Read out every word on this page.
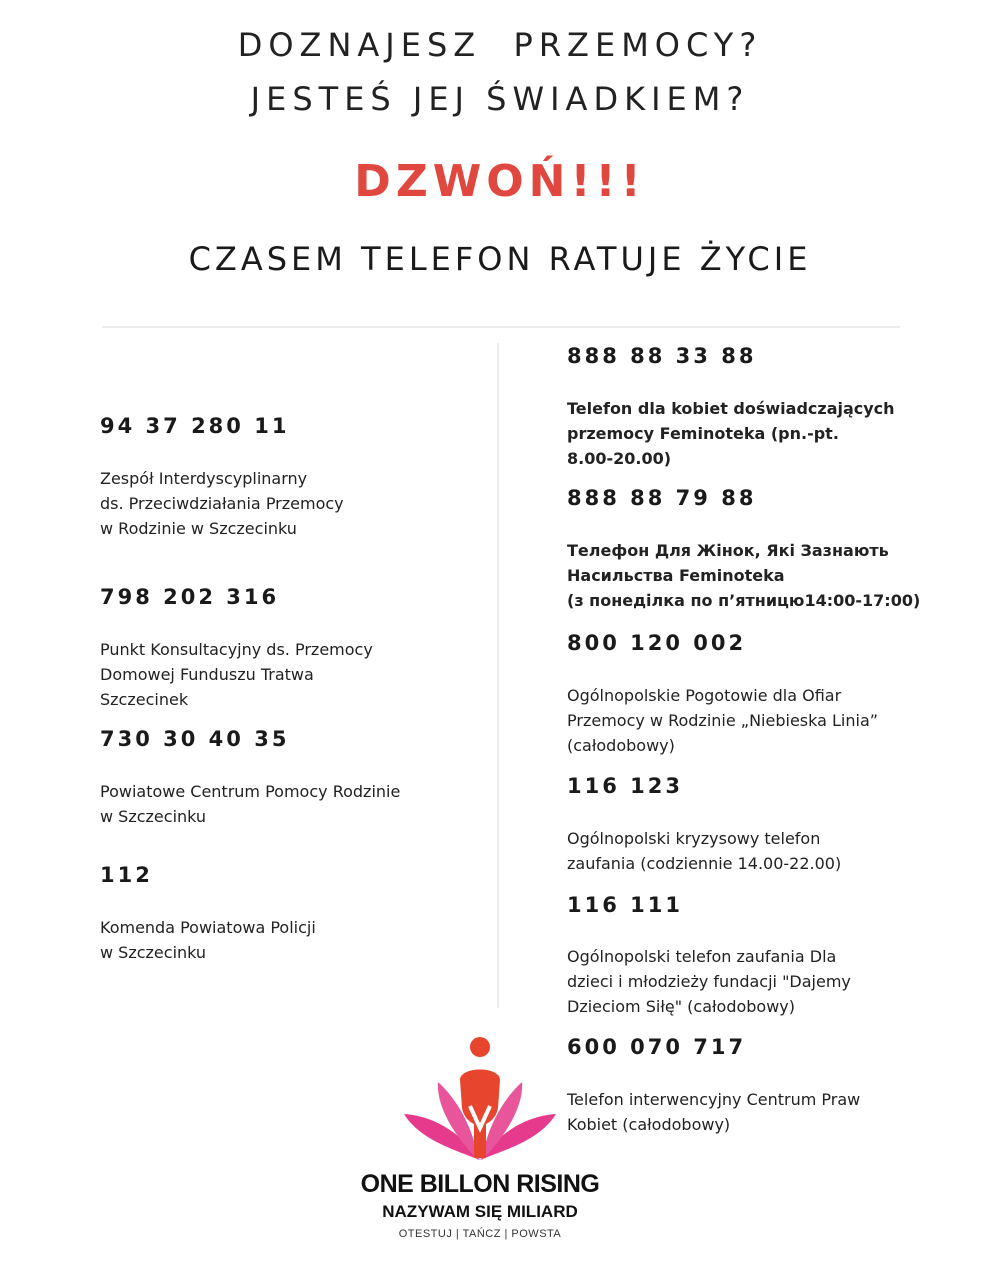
DOZNAJESZ  PRZEMOCY?
JESTEŚ JEJ ŚWIADKIEM?
DZWOŃ!!!
CZASEM TELEFON RATUJE ŻYCIE
94 37 280 11
Zespół Interdyscyplinarny
ds. Przeciwdziałania Przemocy
w Rodzinie w Szczecinku
798 202 316
Punkt Konsultacyjny ds. Przemocy
Domowej Funduszu Tratwa
Szczecinek
730 30 40 35
Powiatowe Centrum Pomocy Rodzinie
w Szczecinku
112
Komenda Powiatowa Policji
w Szczecinku
888 88 33 88
Telefon dla kobiet doświadczających
przemocy Feminoteka (pn.-pt.
8.00-20.00)
888 88 79 88
Телефон Для Жінок, Які Зазнають
Насильства Feminoteka
(з понеділка по п’ятницю14:00-17:00)
800 120 002
Ogólnopolskie Pogotowie dla Ofiar
Przemocy w Rodzinie „Niebieska Linia”
(całodobowy)
116 123
Ogólnopolski kryzysowy telefon
zaufania (codziennie 14.00-22.00)
116 111
Ogólnopolski telefon zaufania Dla
dzieci i młodzieży fundacji "Dajemy
Dzieciom Siłę" (całodobowy)
600 070 717
Telefon interwencyjny Centrum Praw
Kobiet (całodobowy)
ONE BILLON RISING
NAZYWAM SIĘ MILIARD
OTESTUJ | TAŃCZ | POWSTA
